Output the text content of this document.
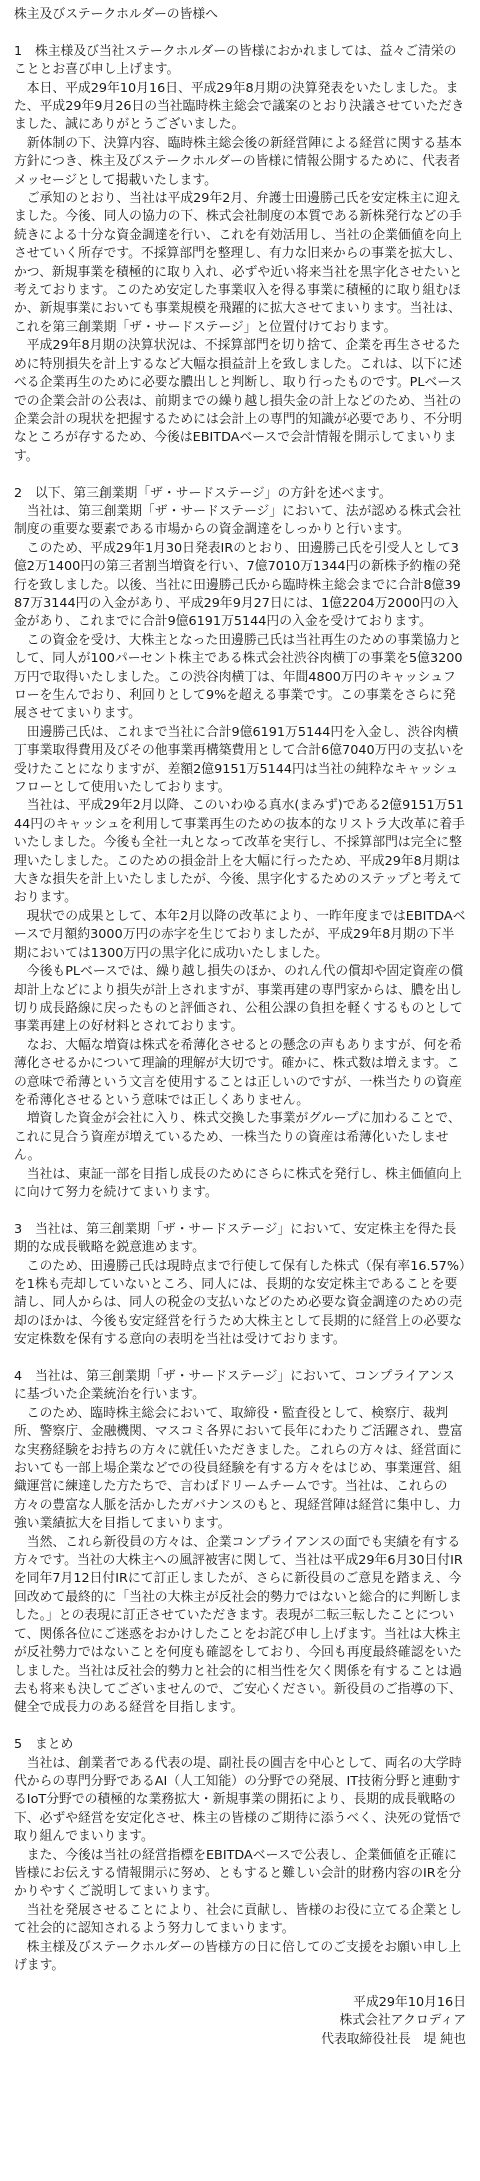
株主及びステークホルダーの皆様へ

1 株主様及び当社ステークホルダーの皆様におかれましては、益々ご清栄のこととお喜び申し上げます。

本日、平成29年10月16日、平成29年8月期の決算発表をいたしました。また、平成29年9月26日の当社臨時株主総会で議案のとおり決議させていただきました、誠にありがとうございました。

新体制の下、決算内容、臨時株主総会後の新経営陣による経営に関する基本方針につき、株主及びステークホルダーの皆様に情報公開するために、代表者メッセージとして掲載いたします。

ご承知のとおり、当社は平成29年2月、弁護士田邊勝己氏を安定株主に迎えました。今後、同人の協力の下、株式会社制度の本質である新株発行などの手続きによる十分な資金調達を行い、これを有効活用し、当社の企業価値を向上させていく所存です。不採算部門を整理し、有力な旧来からの事業を拡大し、かつ、新規事業を積極的に取り入れ、必ずや近い将来当社を黒字化させたいと考えております。このため安定した事業収入を得る事業に積極的に取り組むほか、新規事業においても事業規模を飛躍的に拡大させてまいります。当社は、これを第三創業期「ザ・サードステージ」と位置付けております。

平成29年8月期の決算状況は、不採算部門を切り捨て、企業を再生させるために特別損失を計上するなど大幅な損益計上を致しました。これは、以下に述べる企業再生のために必要な膿出しと判断し、取り行ったものです。PLベースでの企業会計の公表は、前期までの繰り越し損失金の計上などのため、当社の企業会計の現状を把握するためには会計上の専門的知識が必要であり、不分明なところが存するため、今後はEBITDAベースで会計情報を開示してまいります。

2 以下、第三創業期「ザ・サードステージ」の方針を述べます。

当社は、第三創業期「ザ・サードステージ」において、法が認める株式会社制度の重要な要素である市場からの資金調達をしっかりと行います。

このため、平成29年1月30日発表IRのとおり、田邊勝己氏を引受人として3億2万1400円の第三者割当増資を行い、7億7010万1344円の新株予約権の発行を致しました。以後、当社に田邊勝己氏から臨時株主総会までに合計8億3987万3144円の入金があり、平成29年9月27日には、1億2204万2000円の入金があり、これまでに合計9億6191万5144円の入金を受けております。

この資金を受け、大株主となった田邊勝己氏は当社再生のための事業協力として、同人が100パーセント株主である株式会社渋谷肉横丁の事業を5億3200万円で取得いたしました。この渋谷肉横丁は、年間4800万円のキャッシュフローを生んでおり、利回りとして9%を超える事業です。この事業をさらに発展させてまいります。

田邊勝己氏は、これまで当社に合計9億6191万5144円を入金し、渋谷肉横丁事業取得費用及びその他事業再構築費用として合計6億7040万円の支払いを受けたことになりますが、差額2億9151万5144円は当社の純粋なキャッシュフローとして使用いたしております。

当社は、平成29年2月以降、このいわゆる真水(まみず)である2億9151万5144円のキャッシュを利用して事業再生のための抜本的なリストラ大改革に着手いたしました。今後も全社一丸となって改革を実行し、不採算部門は完全に整理いたしました。このための損金計上を大幅に行ったため、平成29年8月期は大きな損失を計上いたしましたが、今後、黒字化するためのステップと考えております。

現状での成果として、本年2月以降の改革により、一昨年度まではEBITDAベースで月額約3000万円の赤字を生じておりましたが、平成29年8月期の下半期においては1300万円の黒字化に成功いたしました。

今後もPLベースでは、繰り越し損失のほか、のれん代の償却や固定資産の償却計上などにより損失が計上されますが、事業再建の専門家からは、膿を出し切り成長路線に戻ったものと評価され、公租公課の負担を軽くするものとして事業再建上の好材料とされております。

なお、大幅な増資は株式を希薄化させるとの懸念の声もありますが、何を希薄化させるかについて理論的理解が大切です。確かに、株式数は増えます。この意味で希薄という文言を使用することは正しいのですが、一株当たりの資産を希薄化させるという意味では正しくありません。

増資した資金が会社に入り、株式交換した事業がグループに加わることで、これに見合う資産が増えているため、一株当たりの資産は希薄化いたしません。

当社は、東証一部を目指し成長のためにさらに株式を発行し、株主価値向上に向けて努力を続けてまいります。

3 当社は、第三創業期「ザ・サードステージ」において、安定株主を得た長期的な成長戦略を鋭意進めます。

このため、田邊勝己氏は現時点まで行使して保有した株式（保有率16.57%）を1株も売却していないところ、同人には、長期的な安定株主であることを要請し、同人からは、同人の税金の支払いなどのため必要な資金調達のための売却のほかは、今後も安定経営を行うため大株主として長期的に経営上の必要な安定株数を保有する意向の表明を当社は受けております。

4 当社は、第三創業期「ザ・サードステージ」において、コンプライアンスに基づいた企業統治を行います。

このため、臨時株主総会において、取締役・監査役として、検察庁、裁判所、警察庁、金融機関、マスコミ各界において長年にわたりご活躍され、豊富な実務経験をお持ちの方々に就任いただきました。これらの方々は、経営面においても一部上場企業などでの役員経験を有する方々をはじめ、事業運営、組織運営に練達した方たちで、言わばドリームチームです。当社は、これらの方々の豊富な人脈を活かしたガバナンスのもと、現経営陣は経営に集中し、力強い業績拡大を目指してまいります。

当然、これら新役員の方々は、企業コンプライアンスの面でも実績を有する方々です。当社の大株主への風評被害に関して、当社は平成29年6月30日付IRを同年7月12日付IRにて訂正しましたが、さらに新役員のご意見を踏まえ、今回改めて最終的に「当社の大株主が反社会的勢力ではないと総合的に判断しました。」との表現に訂正させていただきます。表現が二転三転したことについて、関係各位にご迷惑をおかけしたことをお詫び申し上げます。当社は大株主が反社勢力ではないことを何度も確認をしており、今回も再度最終確認をいたしました。当社は反社会的勢力と社会的に相当性を欠く関係を有することは過去も将来も決してございませんので、ご安心ください。新役員のご指導の下、健全で成長力のある経営を目指します。

5 まとめ

当社は、創業者である代表の堤、副社長の圓吉を中心として、両名の大学時代からの専門分野であるAI（人工知能）の分野での発展、IT技術分野と連動するIoT分野での積極的な業務拡大・新規事業の開拓により、長期的成長戦略の下、必ずや経営を安定化させ、株主の皆様のご期待に添うべく、決死の覚悟で取り組んでまいります。

また、今後は当社の経営指標をEBITDAベースで公表し、企業価値を正確に皆様にお伝えする情報開示に努め、ともすると難しい会計的財務内容のIRを分かりやすくご説明してまいります。

当社を発展させることにより、社会に貢献し、皆様のお役に立てる企業として社会的に認知されるよう努力してまいります。

株主様及びステークホルダーの皆様方の日に倍してのご支援をお願い申し上げます。

平成29年10月16日
株式会社アクロディア
代表取締役社長　堤 純也
